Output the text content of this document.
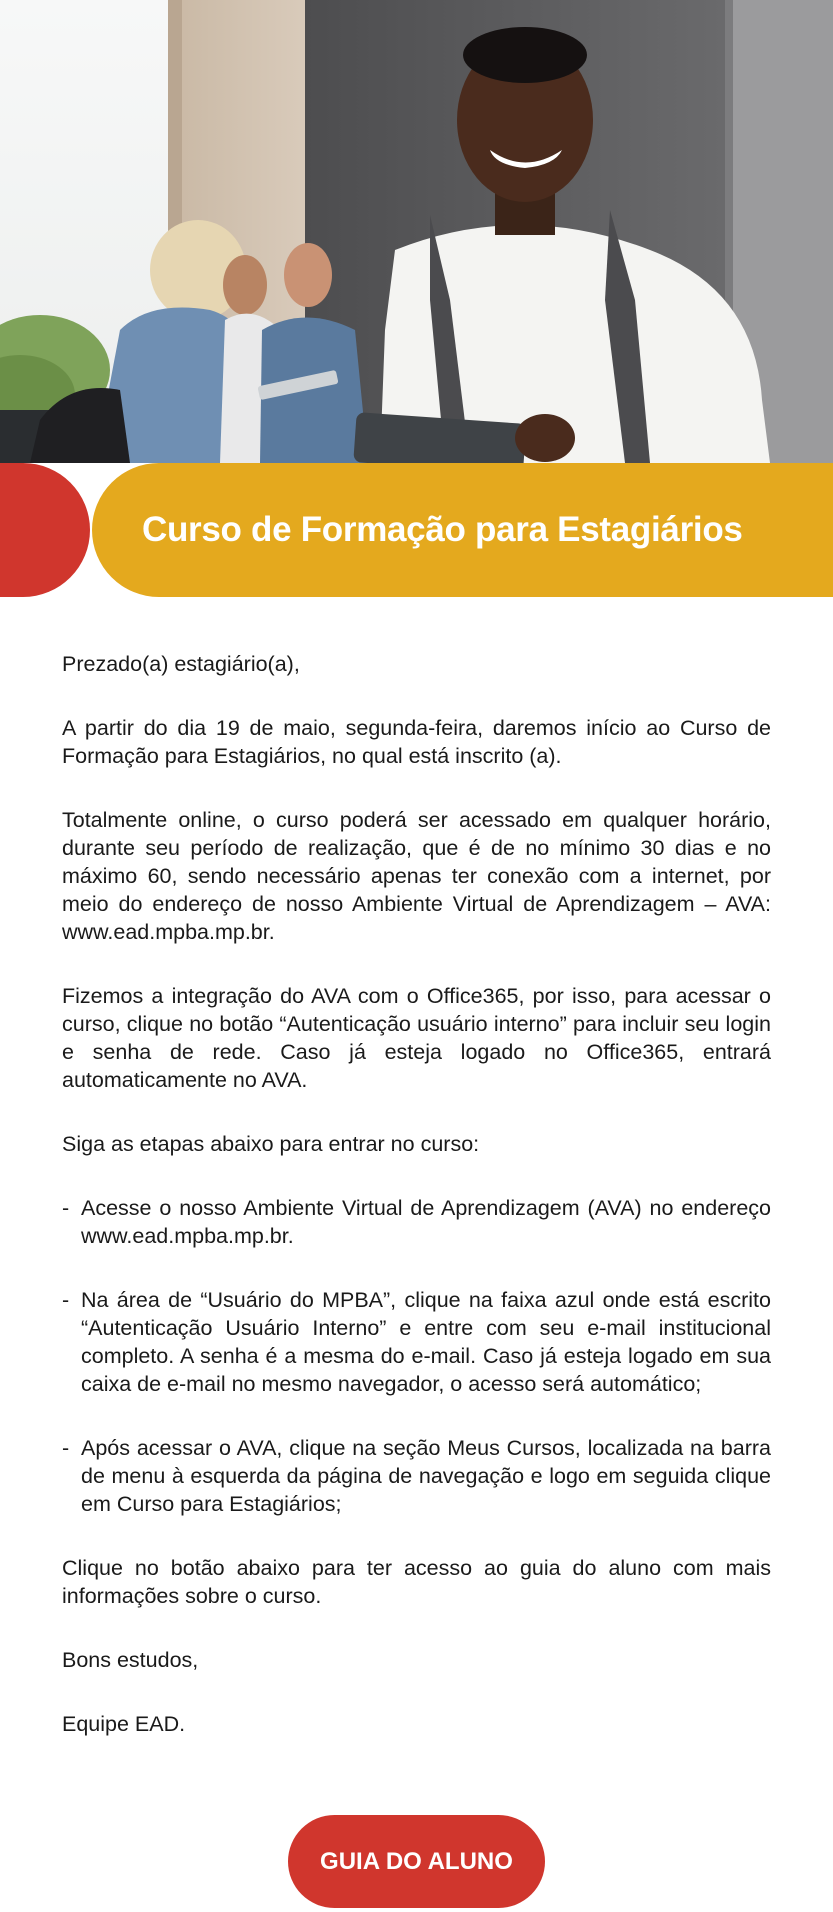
Curso de Formação para Estagiários

Prezado(a) estagiário(a),

A partir do dia 19 de maio, segunda-feira, daremos início ao Curso de Formação para Estagiários, no qual está inscrito (a).

Totalmente online, o curso poderá ser acessado em qualquer horário, durante seu período de realização, que é de no mínimo 30 dias e no máximo 60, sendo necessário apenas ter conexão com a internet, por meio do endereço de nosso Ambiente Virtual de Aprendizagem – AVA: www.ead.mpba.mp.br.

Fizemos a integração do AVA com o Office365, por isso, para acessar o curso, clique no botão “Autenticação usuário interno” para incluir seu login e senha de rede. Caso já esteja logado no Office365, entrará automaticamente no AVA.

Siga as etapas abaixo para entrar no curso:

- Acesse o nosso Ambiente Virtual de Aprendizagem (AVA) no endereço www.ead.mpba.mp.br.
- Na área de “Usuário do MPBA”, clique na faixa azul onde está escrito “Autenticação Usuário Interno” e entre com seu e-mail institucional completo. A senha é a mesma do e-mail. Caso já esteja logado em sua caixa de e-mail no mesmo navegador, o acesso será automático;
- Após acessar o AVA, clique na seção Meus Cursos, localizada na barra de menu à esquerda da página de navegação e logo em seguida clique em Curso para Estagiários;

Clique no botão abaixo para ter acesso ao guia do aluno com mais informações sobre o curso.

Bons estudos,

Equipe EAD.

GUIA DO ALUNO
